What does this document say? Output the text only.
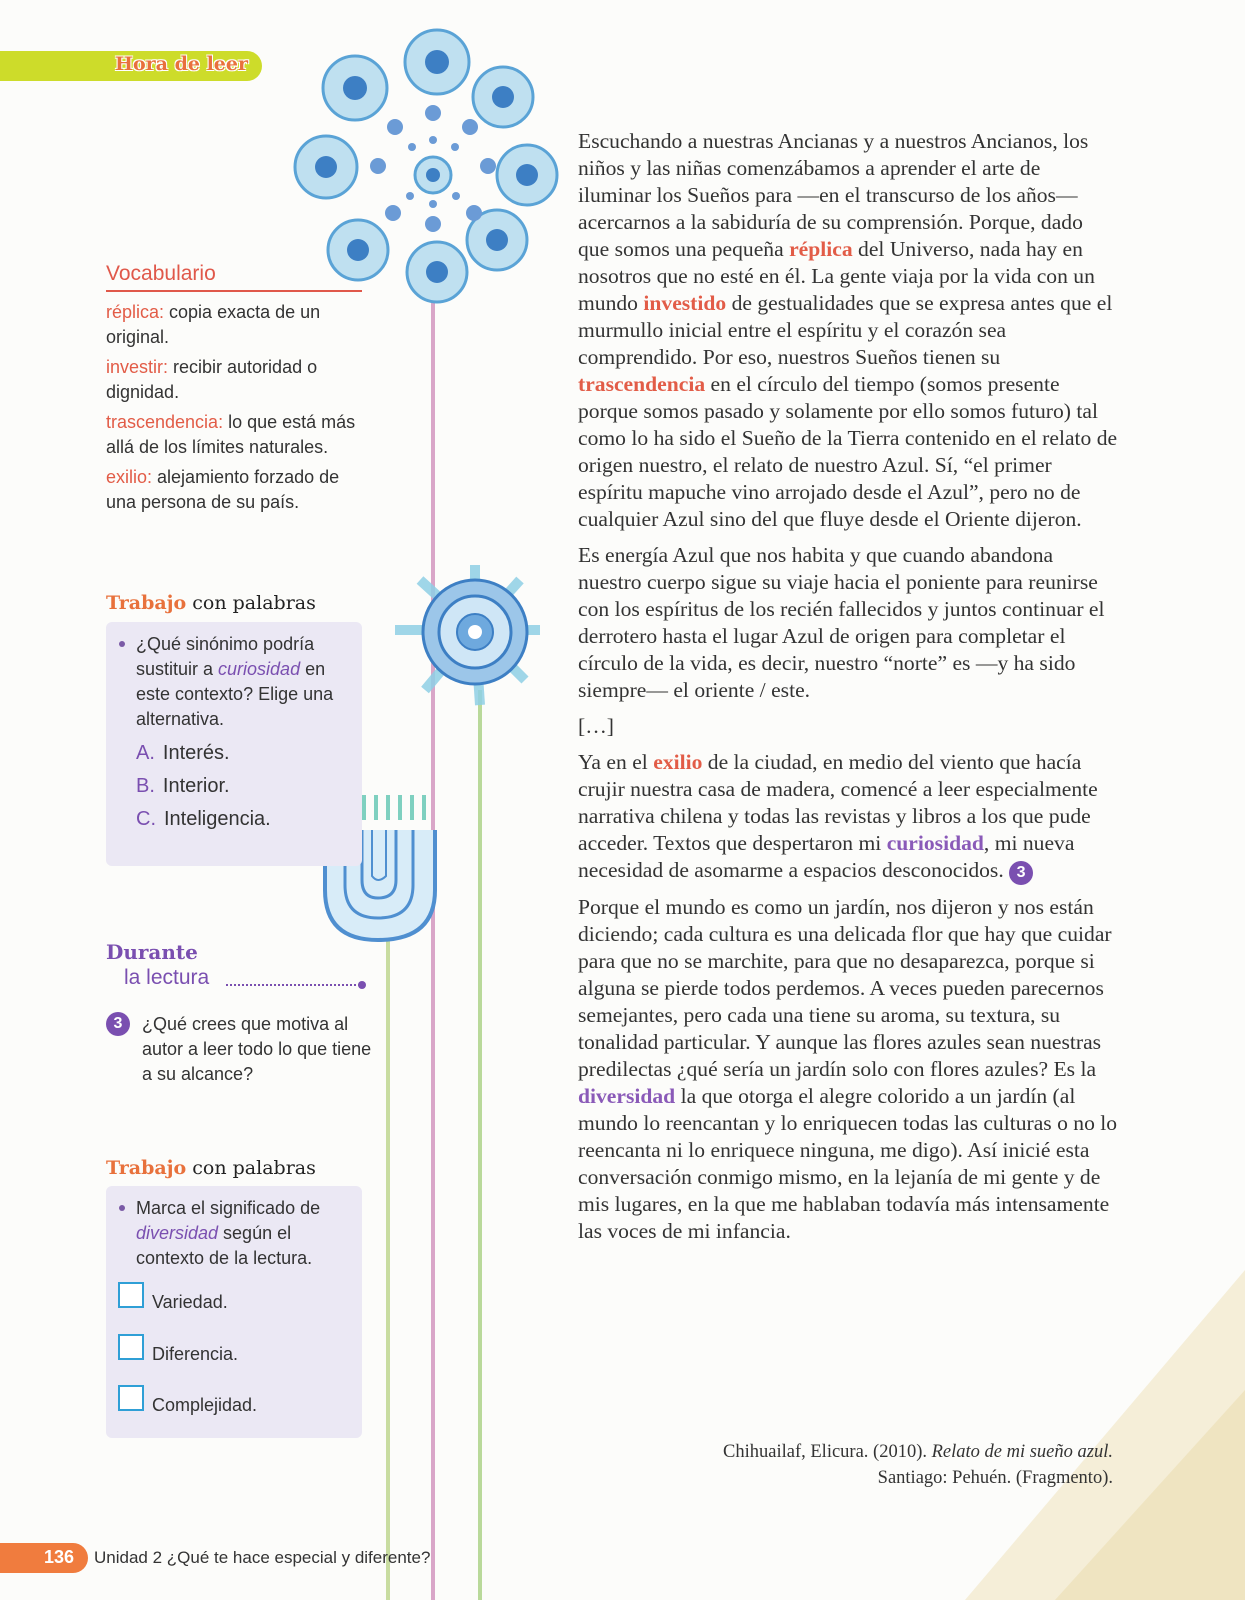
Hora de leer
Vocabulario

réplica: copia exacta de un original.

investir: recibir autoridad o dignidad.

trascendencia: lo que está más allá de los límites naturales.

exilio: alejamiento forzado de una persona de su país.

Trabajo con palabras
¿Qué sinónimo podría sustituir a curiosidad en este contexto? Elige una alternativa.
A. Interés.
B. Interior.
C. Inteligencia.
Durante
la lectura
3	¿Qué crees que motiva al autor a leer todo lo que tiene a su alcance?
Trabajo con palabras
Marca el significado de diversidad según el contexto de la lectura.
Variedad.
Diferencia.
Complejidad.

Escuchando a nuestras Ancianas y a nuestros Ancianos, los niños y las niñas comenzábamos a aprender el arte de iluminar los Sueños para —en el transcurso de los años— acercarnos a la sabiduría de su comprensión. Porque, dado que somos una pequeña réplica del Universo, nada hay en nosotros que no esté en él. La gente viaja por la vida con un mundo investido de gestualidades que se expresa antes que el murmullo inicial entre el espíritu y el corazón sea comprendido. Por eso, nuestros Sueños tienen su trascendencia en el círculo del tiempo (somos presente porque somos pasado y solamente por ello somos futuro) tal como lo ha sido el Sueño de la Tierra contenido en el relato de origen nuestro, el relato de nuestro Azul. Sí, “el primer espíritu mapuche vino arrojado desde el Azul”, pero no de cualquier Azul sino del que fluye desde el Oriente dijeron.

Es energía Azul que nos habita y que cuando abandona nuestro cuerpo sigue su viaje hacia el poniente para reunirse con los espíritus de los recién fallecidos y juntos continuar el derrotero hasta el lugar Azul de origen para completar el círculo de la vida, es decir, nuestro “norte” es —y ha sido siempre— el oriente / este.

[…]

Ya en el exilio de la ciudad, en medio del viento que hacía crujir nuestra casa de madera, comencé a leer especialmente narrativa chilena y todas las revistas y libros a los que pude acceder. Textos que despertaron mi curiosidad, mi nueva necesidad de asomarme a espacios desconocidos. 3

Porque el mundo es como un jardín, nos dijeron y nos están diciendo; cada cultura es una delicada flor que hay que cuidar para que no se marchite, para que no desaparezca, porque si alguna se pierde todos perdemos. A veces pueden parecernos semejantes, pero cada una tiene su aroma, su textura, su tonalidad particular. Y aunque las flores azules sean nuestras predilectas ¿qué sería un jardín solo con flores azules? Es la diversidad la que otorga el alegre colorido a un jardín (al mundo lo reencantan y lo enriquecen todas las culturas o no lo reencanta ni lo enriquece ninguna, me digo). Así inicié esta conversación conmigo mismo, en la lejanía de mi gente y de mis lugares, en la que me hablaban todavía más intensamente las voces de mi infancia.

Chihuailaf, Elicura. (2010). Relato de mi sueño azul.
Santiago: Pehuén. (Fragmento).
136 Unidad 2 ¿Qué te hace especial y diferente?
